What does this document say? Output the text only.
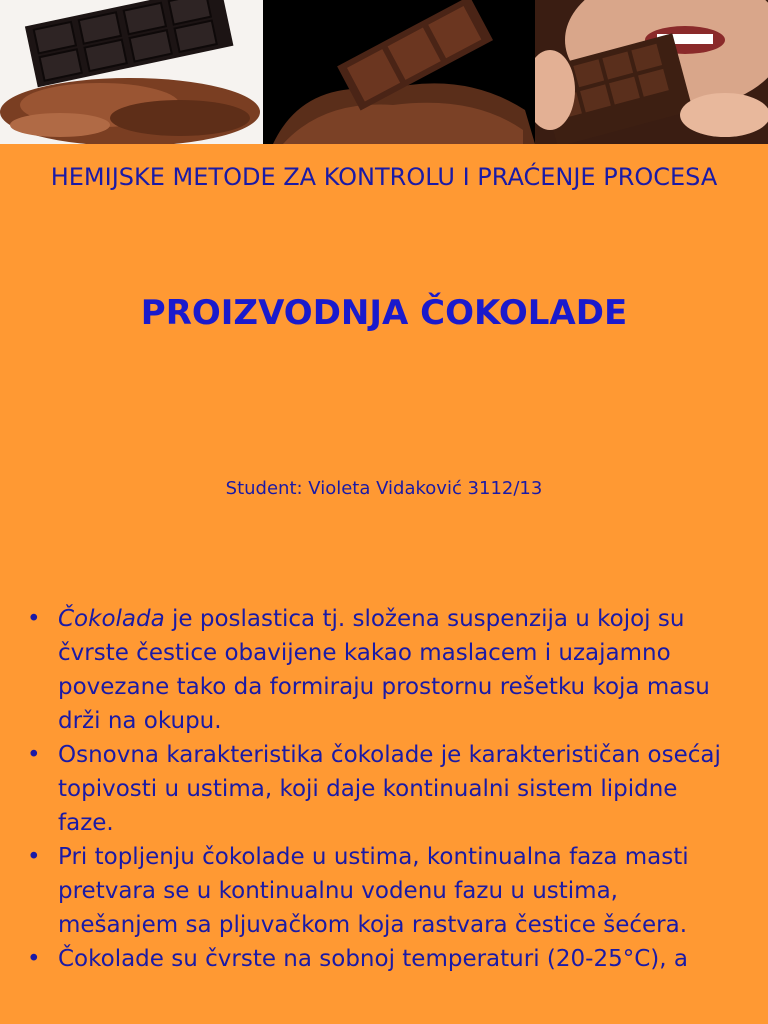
HEMIJSKE METODE ZA KONTROLU I PRAĆENJE PROCESA
PROIZVODNJA ČOKOLADE
Student: Violeta Vidaković 3112/13
• Čokolada je poslastica tj. složena suspenzija u kojoj su čvrste čestice obavijene kakao maslacem i uzajamno povezane tako da formiraju prostornu rešetku koja masu drži na okupu.
• Osnovna karakteristika čokolade je karakterističan osećaj topivosti u ustima, koji daje kontinualni sistem lipidne faze.
• Pri topljenju čokolade u ustima, kontinualna faza masti pretvara se u kontinualnu vodenu fazu u ustima, mešanjem sa pljuvačkom koja rastvara čestice šećera.
• Čokolade su čvrste na sobnoj temperaturi (20-25°C), a
